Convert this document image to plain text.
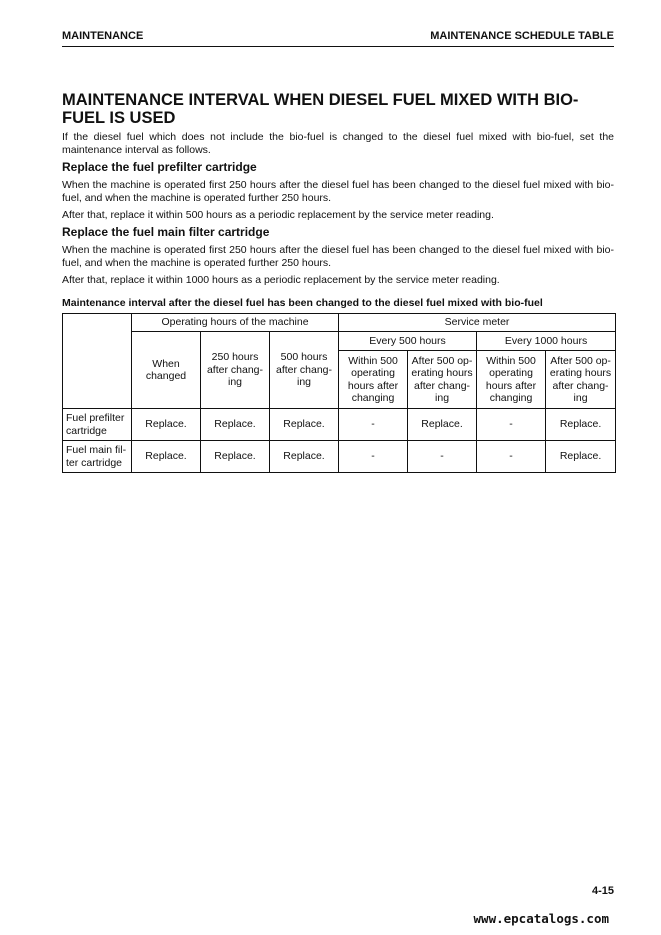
MAINTENANCE	MAINTENANCE SCHEDULE TABLE
MAINTENANCE INTERVAL WHEN DIESEL FUEL MIXED WITH BIO-FUEL IS USED

If the diesel fuel which does not include the bio-fuel is changed to the diesel fuel mixed with bio-fuel, set the maintenance interval as follows.

Replace the fuel prefilter cartridge

When the machine is operated first 250 hours after the diesel fuel has been changed to the diesel fuel mixed with bio-fuel, and when the machine is operated further 250 hours.

After that, replace it within 500 hours as a periodic replacement by the service meter reading.

Replace the fuel main filter cartridge

When the machine is operated first 250 hours after the diesel fuel has been changed to the diesel fuel mixed with bio-fuel, and when the machine is operated further 250 hours.

After that, replace it within 1000 hours as a periodic replacement by the service meter reading.

Maintenance interval after the diesel fuel has been changed to the diesel fuel mixed with bio-fuel
	Operating hours of the machine			Service meter			
	When changed	250 hours after chang-ing	500 hours after chang-ing	Every 500 hours		Every 1000 hours	
				Within 500 operating hours after changing	After 500 op-erating hours after chang-ing	Within 500 operating hours after changing	After 500 op-erating hours after chang-ing
Fuel prefilter cartridge	Replace.	Replace.	Replace.	-	Replace.	-	Replace.
Fuel main fil-ter cartridge	Replace.	Replace.	Replace.	-	-	-	Replace.
4-15
www.epcatalogs.com
